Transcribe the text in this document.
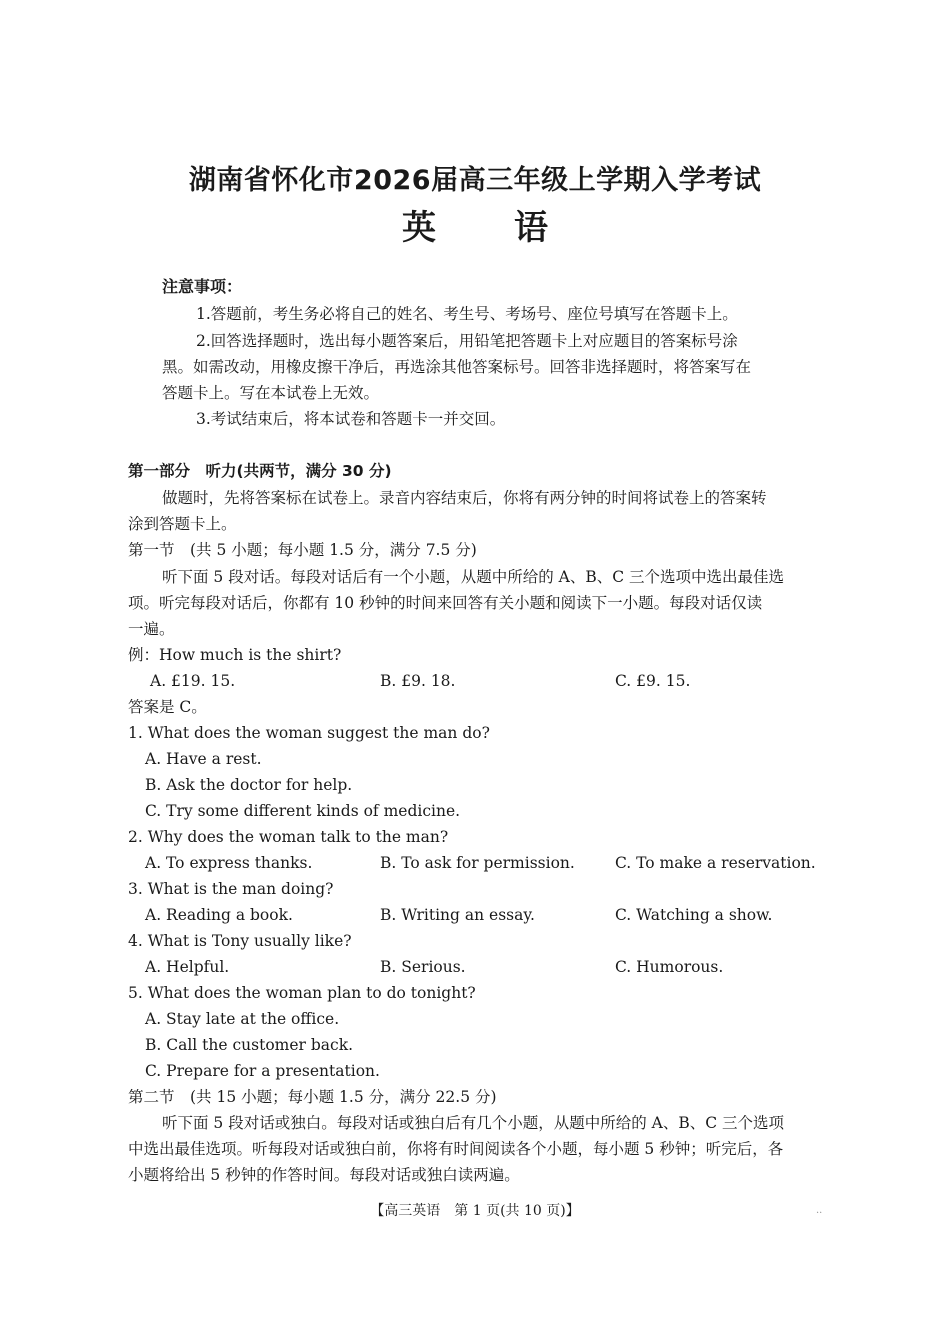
湖南省怀化市2026届高三年级上学期入学考试
英 语
注意事项：
1.答题前，考生务必将自己的姓名、考生号、考场号、座位号填写在答题卡上。
2.回答选择题时，选出每小题答案后，用铅笔把答题卡上对应题目的答案标号涂
黑。如需改动，用橡皮擦干净后，再选涂其他答案标号。回答非选择题时，将答案写在
答题卡上。写在本试卷上无效。
3.考试结束后，将本试卷和答题卡一并交回。
第一部分　听力(共两节，满分 30 分)
做题时，先将答案标在试卷上。录音内容结束后，你将有两分钟的时间将试卷上的答案转
涂到答题卡上。
第一节　(共 5 小题；每小题 1.5 分，满分 7.5 分)
听下面 5 段对话。每段对话后有一个小题，从题中所给的 A、B、C 三个选项中选出最佳选
项。听完每段对话后，你都有 10 秒钟的时间来回答有关小题和阅读下一小题。每段对话仅读
一遍。
例：How much is the shirt?
A. £19. 15.	B. £9. 18.	C. £9. 15.
答案是 C。
1. What does the woman suggest the man do?
A. Have a rest.
B. Ask the doctor for help.
C. Try some different kinds of medicine.
2. Why does the woman talk to the man?
A. To express thanks.	B. To ask for permission.	C. To make a reservation.
3. What is the man doing?
A. Reading a book.	B. Writing an essay.	C. Watching a show.
4. What is Tony usually like?
A. Helpful.	B. Serious.	C. Humorous.
5. What does the woman plan to do tonight?
A. Stay late at the office.
B. Call the customer back.
C. Prepare for a presentation.
第二节　(共 15 小题；每小题 1.5 分，满分 22.5 分)
听下面 5 段对话或独白。每段对话或独白后有几个小题，从题中所给的 A、B、C 三个选项
中选出最佳选项。听每段对话或独白前，你将有时间阅读各个小题，每小题 5 秒钟；听完后，各
小题将给出 5 秒钟的作答时间。每段对话或独白读两遍。
【高三英语　第 1 页(共 10 页)】	··
